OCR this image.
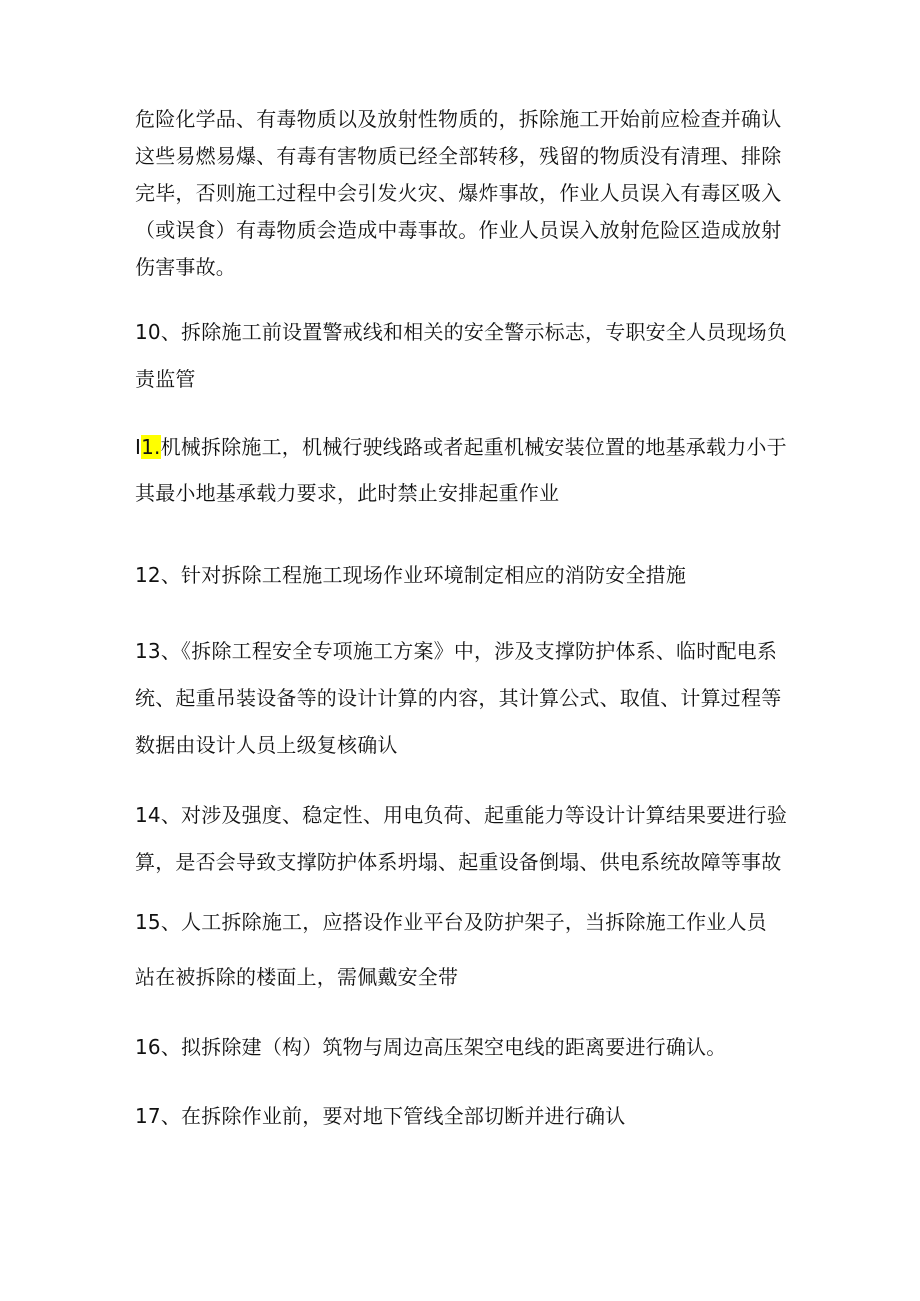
危险化学品、有毒物质以及放射性物质的，拆除施工开始前应检查并确认
这些易燃易爆、有毒有害物质已经全部转移，残留的物质没有清理、排除
完毕，否则施工过程中会引发火灾、爆炸事故，作业人员误入有毒区吸入
（或误食）有毒物质会造成中毒事故。作业人员误入放射危险区造成放射
伤害事故。
10、拆除施工前设置警戒线和相关的安全警示标志，专职安全人员现场负
责监管
I1.机械拆除施工，机械行驶线路或者起重机械安装位置的地基承载力小于
其最小地基承载力要求，此时禁止安排起重作业
12、针对拆除工程施工现场作业环境制定相应的消防安全措施
13、《拆除工程安全专项施工方案》中，涉及支撑防护体系、临时配电系
统、起重吊装设备等的设计计算的内容，其计算公式、取值、计算过程等
数据由设计人员上级复核确认
14、对涉及强度、稳定性、用电负荷、起重能力等设计计算结果要进行验
算，是否会导致支撑防护体系坍塌、起重设备倒塌、供电系统故障等事故
15、人工拆除施工，应搭设作业平台及防护架子，当拆除施工作业人员
站在被拆除的楼面上，需佩戴安全带
16、拟拆除建（构）筑物与周边高压架空电线的距离要进行确认。
17、在拆除作业前，要对地下管线全部切断并进行确认
